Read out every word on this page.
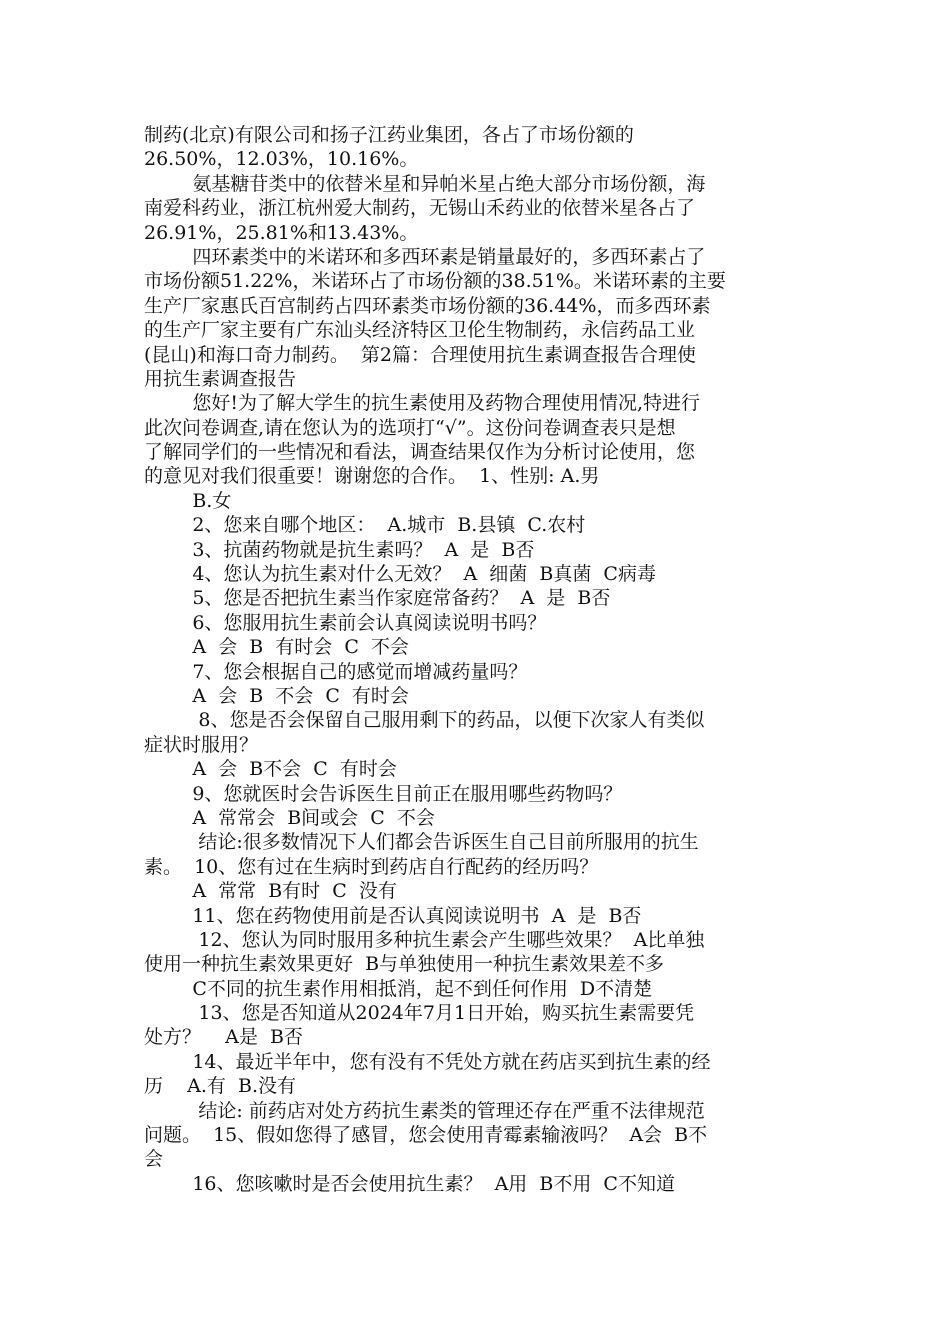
制药(北京)有限公司和扬子江药业集团，各占了市场份额的
26.50%，12.03%，10.16%。
氨基糖苷类中的依替米星和异帕米星占绝大部分市场份额，海
南爱科药业，浙江杭州爱大制药，无锡山禾药业的依替米星各占了
26.91%，25.81%和13.43%。
四环素类中的米诺环和多西环素是销量最好的，多西环素占了
市场份额51.22%，米诺环占了市场份额的38.51%。米诺环素的主要
生产厂家惠氏百宫制药占四环素类市场份额的36.44%，而多西环素
的生产厂家主要有广东汕头经济特区卫伦生物制药，永信药品工业
(昆山)和海口奇力制药。  第2篇：合理使用抗生素调查报告合理使
用抗生素调查报告
您好!为了解大学生的抗生素使用及药物合理使用情况,特进行
此次问卷调查,请在您认为的选项打“√”。这份问卷调查表只是想
了解同学们的一些情况和看法，调查结果仅作为分析讨论使用，您
的意见对我们很重要！谢谢您的合作。  1、性别: A.男
B.女
2、您来自哪个地区：  A.城市  B.县镇  C.农村
3、抗菌药物就是抗生素吗？  A  是  B否
4、您认为抗生素对什么无效？  A  细菌  B真菌  C病毒
5、您是否把抗生素当作家庭常备药？  A  是  B否
6、您服用抗生素前会认真阅读说明书吗？
A  会  B  有时会  C  不会
7、您会根据自己的感觉而增减药量吗？
A  会  B  不会  C  有时会
8、您是否会保留自己服用剩下的药品，以便下次家人有类似
症状时服用？
A  会  B不会  C  有时会
9、您就医时会告诉医生目前正在服用哪些药物吗？
A  常常会  B间或会  C  不会
结论:很多数情况下人们都会告诉医生自己目前所服用的抗生
素。  10、您有过在生病时到药店自行配药的经历吗？
A  常常  B有时  C  没有
11、您在药物使用前是否认真阅读说明书  A  是  B否
12、您认为同时服用多种抗生素会产生哪些效果？  A比单独
使用一种抗生素效果更好  B与单独使用一种抗生素效果差不多
C不同的抗生素作用相抵消，起不到任何作用  D不清楚
13、您是否知道从2024年7月1日开始，购买抗生素需要凭
处方？    A是  B否
14、最近半年中，您有没有不凭处方就在药店买到抗生素的经
历    A.有  B.没有
结论: 前药店对处方药抗生素类的管理还存在严重不法律规范
问题。  15、假如您得了感冒，您会使用青霉素输液吗？  A会  B不
会
16、您咳嗽时是否会使用抗生素？  A用  B不用  C不知道
